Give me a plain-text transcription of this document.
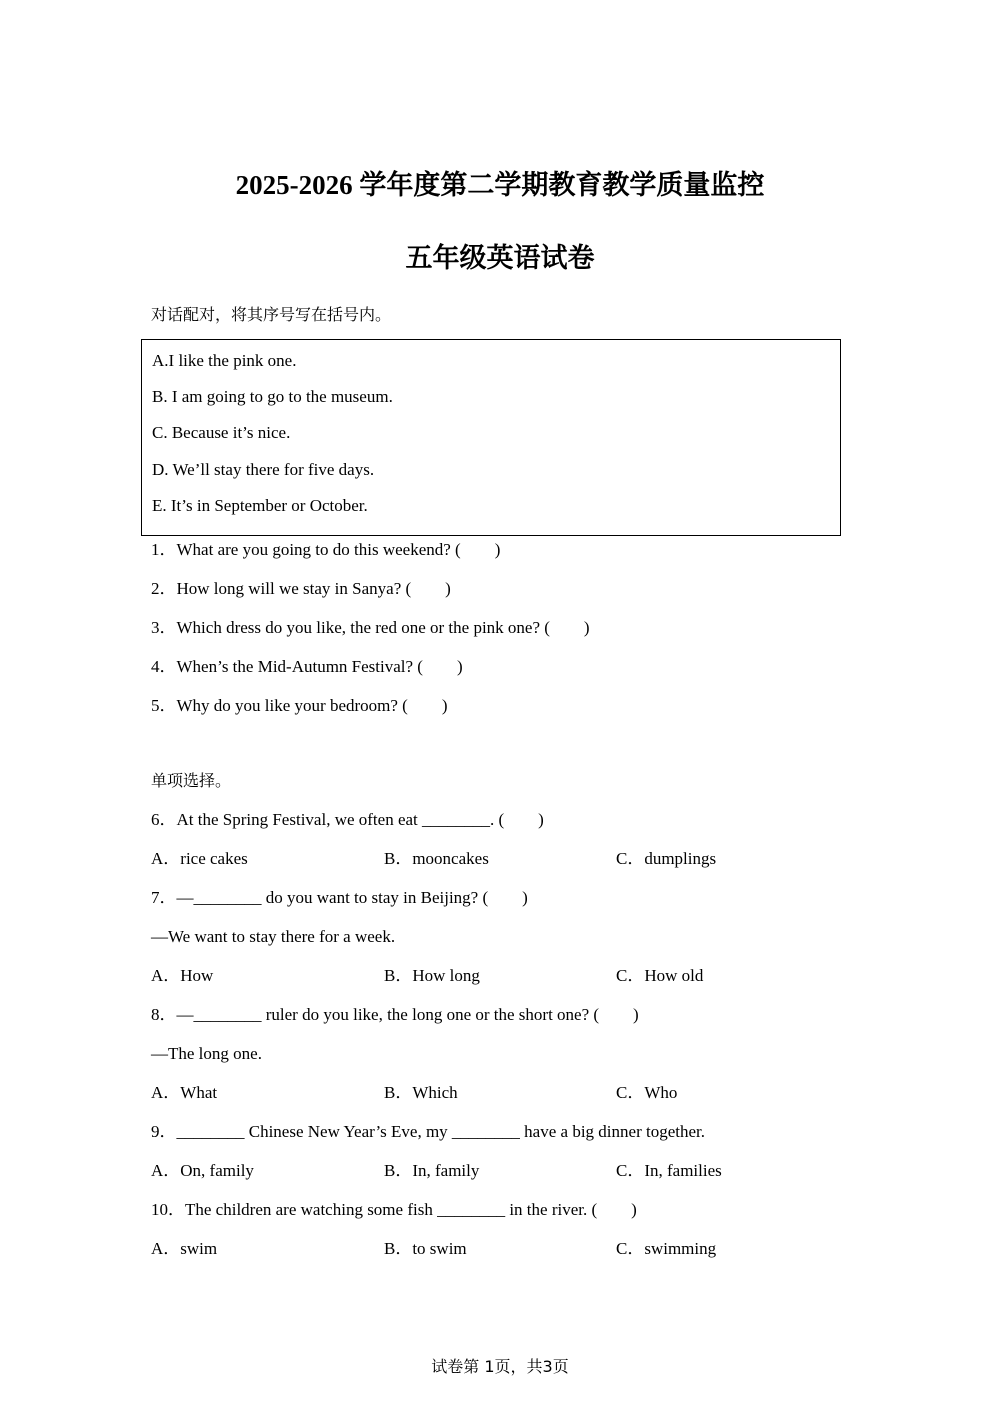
2025-2026 学年度第二学期教育教学质量监控
五年级英语试卷
对话配对，将其序号写在括号内。
A.I like the pink one.
B. I am going to go to the museum.
C. Because it’s nice.
D. We’ll stay there for five days.
E. It’s in September or October.
1．What are you going to do this weekend? (　　)
2．How long will we stay in Sanya? (　　)
3．Which dress do you like, the red one or the pink one? (　　)
4．When’s the Mid-Autumn Festival? (　　)
5．Why do you like your bedroom? (　　)
单项选择。
6．At the Spring Festival, we often eat ________. (　　)
A．rice cakes	B．mooncakes	C．dumplings
7．—________ do you want to stay in Beijing? (　　)
—We want to stay there for a week.
A．How	B．How long	C．How old
8．—________ ruler do you like, the long one or the short one? (　　)
—The long one.
A．What	B．Which	C．Who
9．________ Chinese New Year’s Eve, my ________ have a big dinner together.
A．On, family	B．In, family	C．In, families
10．The children are watching some fish ________ in the river. (　　)
A．swim	B．to swim	C．swimming
试卷第 1页，共3页
